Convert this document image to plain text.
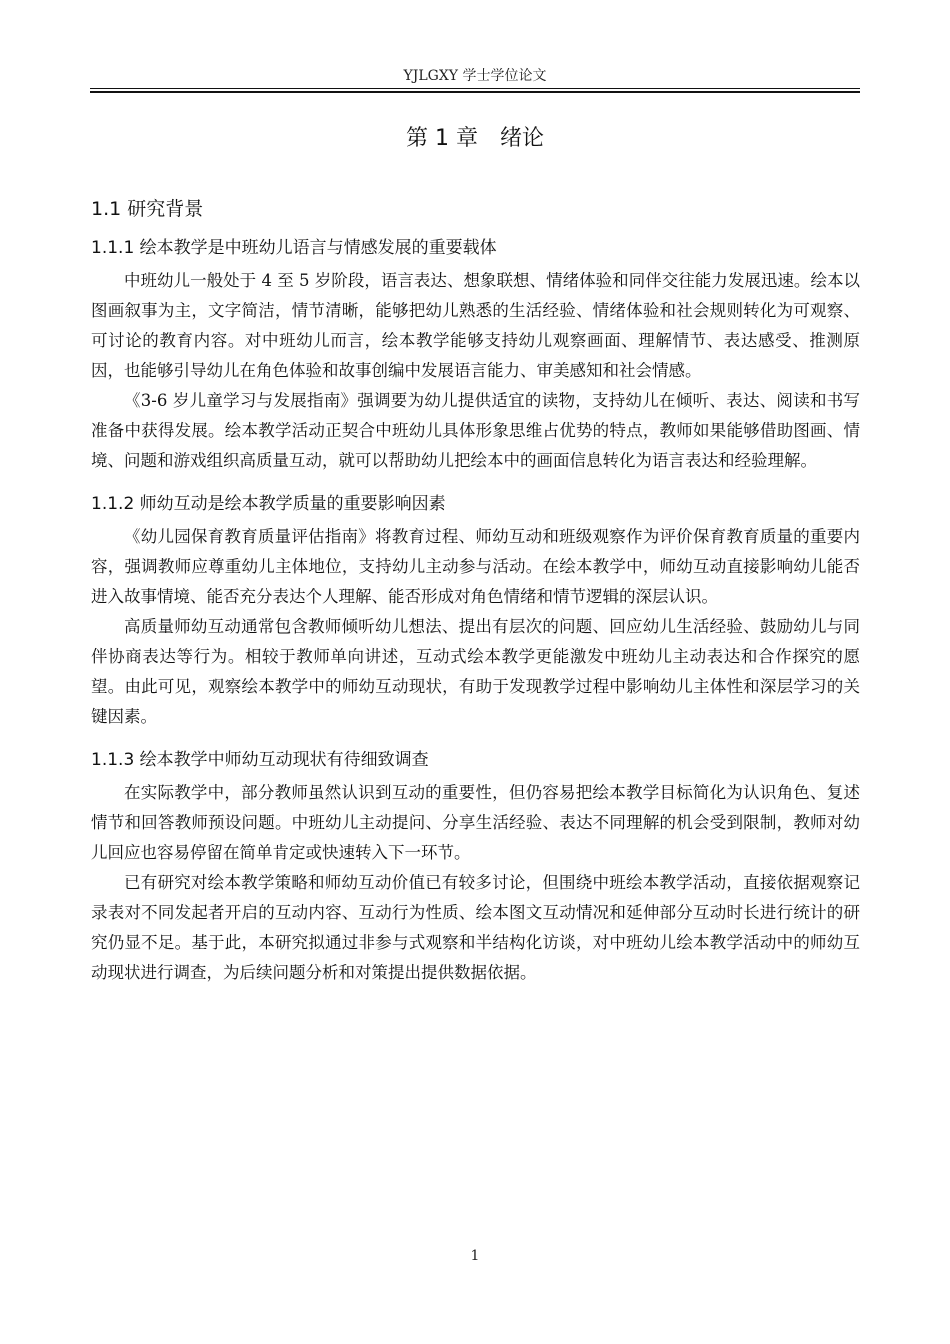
YJLGXY 学士学位论文
第 1 章　绪论
1.1 研究背景
1.1.1 绘本教学是中班幼儿语言与情感发展的重要载体

中班幼儿一般处于 4 至 5 岁阶段，语言表达、想象联想、情绪体验和同伴交往能力发展迅速。绘本以图画叙事为主，文字简洁，情节清晰，能够把幼儿熟悉的生活经验、情绪体验和社会规则转化为可观察、可讨论的教育内容。对中班幼儿而言，绘本教学能够支持幼儿观察画面、理解情节、表达感受、推测原因，也能够引导幼儿在角色体验和故事创编中发展语言能力、审美感知和社会情感。

《3-6 岁儿童学习与发展指南》强调要为幼儿提供适宜的读物，支持幼儿在倾听、表达、阅读和书写准备中获得发展。绘本教学活动正契合中班幼儿具体形象思维占优势的特点，教师如果能够借助图画、情境、问题和游戏组织高质量互动，就可以帮助幼儿把绘本中的画面信息转化为语言表达和经验理解。

1.1.2 师幼互动是绘本教学质量的重要影响因素

《幼儿园保育教育质量评估指南》将教育过程、师幼互动和班级观察作为评价保育教育质量的重要内容，强调教师应尊重幼儿主体地位，支持幼儿主动参与活动。在绘本教学中，师幼互动直接影响幼儿能否进入故事情境、能否充分表达个人理解、能否形成对角色情绪和情节逻辑的深层认识。

高质量师幼互动通常包含教师倾听幼儿想法、提出有层次的问题、回应幼儿生活经验、鼓励幼儿与同伴协商表达等行为。相较于教师单向讲述，互动式绘本教学更能激发中班幼儿主动表达和合作探究的愿望。由此可见，观察绘本教学中的师幼互动现状，有助于发现教学过程中影响幼儿主体性和深层学习的关键因素。

1.1.3 绘本教学中师幼互动现状有待细致调查

在实际教学中，部分教师虽然认识到互动的重要性，但仍容易把绘本教学目标简化为认识角色、复述情节和回答教师预设问题。中班幼儿主动提问、分享生活经验、表达不同理解的机会受到限制，教师对幼儿回应也容易停留在简单肯定或快速转入下一环节。

已有研究对绘本教学策略和师幼互动价值已有较多讨论，但围绕中班绘本教学活动，直接依据观察记录表对不同发起者开启的互动内容、互动行为性质、绘本图文互动情况和延伸部分互动时长进行统计的研究仍显不足。基于此，本研究拟通过非参与式观察和半结构化访谈，对中班幼儿绘本教学活动中的师幼互动现状进行调查，为后续问题分析和对策提出提供数据依据。

1
